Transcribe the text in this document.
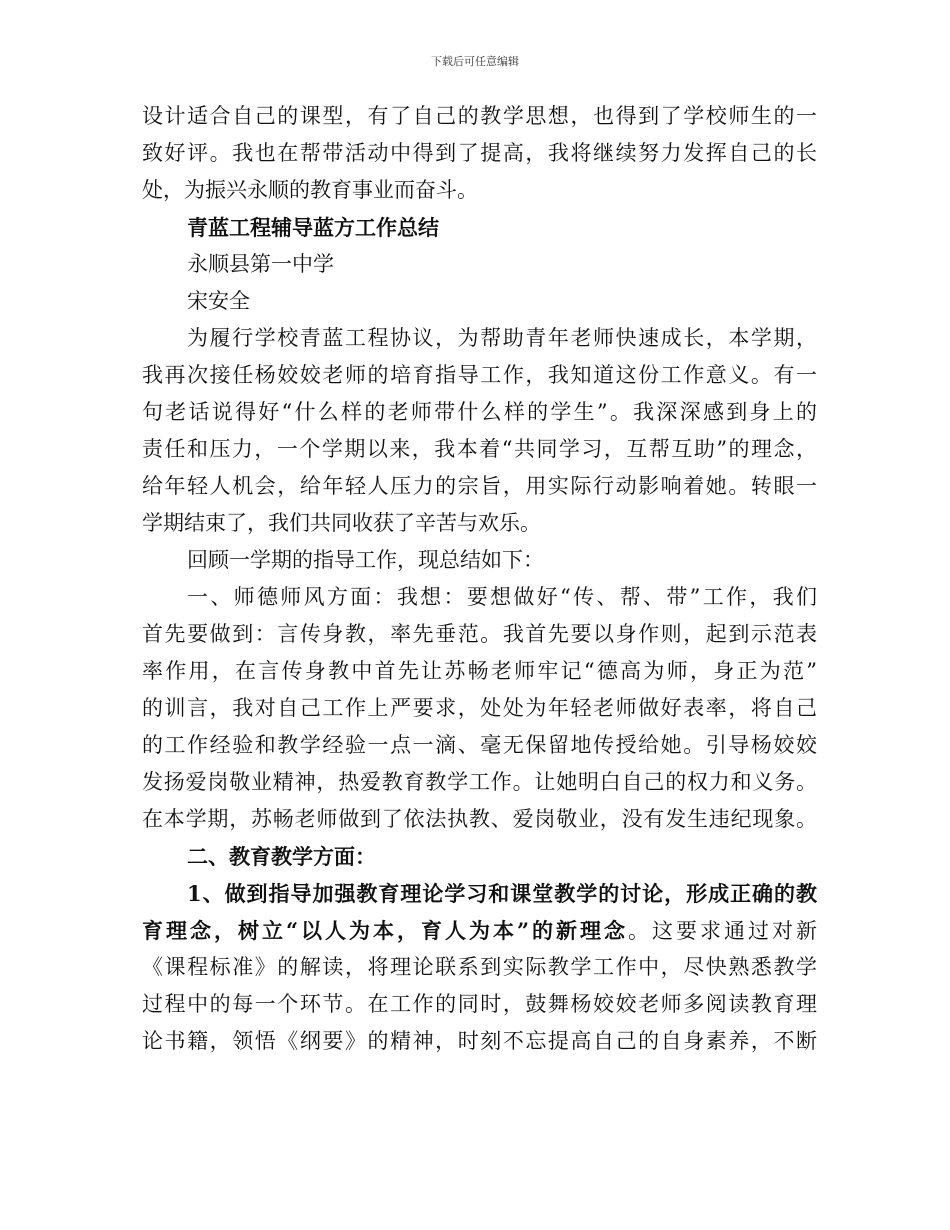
下载后可任意编辑
设计适合自己的课型，有了自己的教学思想，也得到了学校师生的一
致好评。我也在帮带活动中得到了提高，我将继续努力发挥自己的长
处，为振兴永顺的教育事业而奋斗。
青蓝工程辅导蓝方工作总结
永顺县第一中学
宋安全
为履行学校青蓝工程协议，为帮助青年老师快速成长，本学期，
我再次接任杨姣姣老师的培育指导工作，我知道这份工作意义。有一
句老话说得好“什么样的老师带什么样的学生”。我深深感到身上的
责任和压力，一个学期以来，我本着“共同学习，互帮互助”的理念，
给年轻人机会，给年轻人压力的宗旨，用实际行动影响着她。转眼一
学期结束了，我们共同收获了辛苦与欢乐。
回顾一学期的指导工作，现总结如下：
一、师德师风方面：我想：要想做好“传、帮、带”工作，我们
首先要做到：言传身教，率先垂范。我首先要以身作则，起到示范表
率作用，在言传身教中首先让苏畅老师牢记“德高为师，身正为范”
的训言，我对自己工作上严要求，处处为年轻老师做好表率，将自己
的工作经验和教学经验一点一滴、毫无保留地传授给她。引导杨姣姣
发扬爱岗敬业精神，热爱教育教学工作。让她明白自己的权力和义务。
在本学期，苏畅老师做到了依法执教、爱岗敬业，没有发生违纪现象。
二、教育教学方面：
1、做到指导加强教育理论学习和课堂教学的讨论，形成正确的教
育理念，树立“以人为本，育人为本”的新理念。这要求通过对新
《课程标准》的解读，将理论联系到实际教学工作中，尽快熟悉教学
过程中的每一个环节。在工作的同时，鼓舞杨姣姣老师多阅读教育理
论书籍，领悟《纲要》的精神，时刻不忘提高自己的自身素养，不断
